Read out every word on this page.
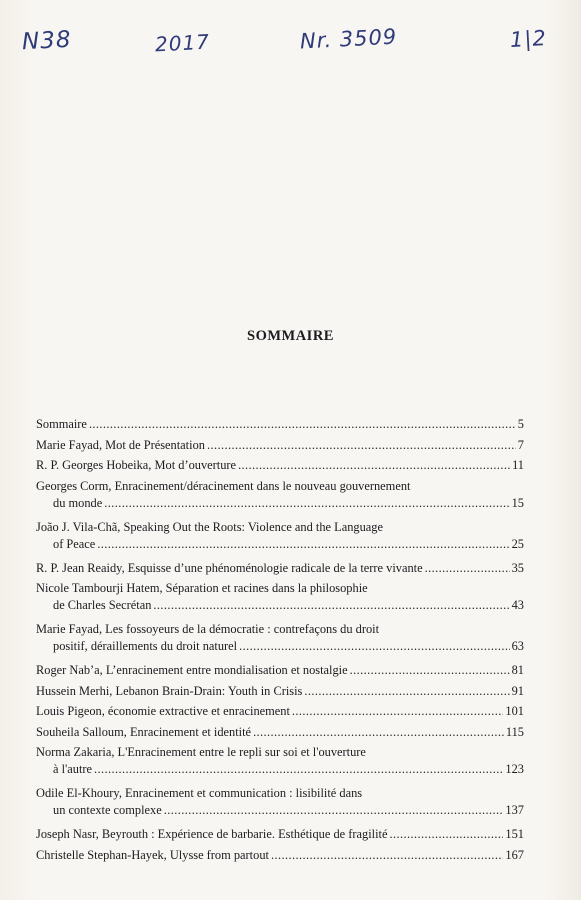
N38	2017	Nr. 3509	1|2
SOMMAIRE
Sommaire .....	5
Marie Fayad, Mot de Présentation .....	7
R. P. Georges Hobeika, Mot d’ouverture .....	11
Georges Corm, Enracinement/déracinement dans le nouveau gouvernement
du monde .....	15
João J. Vila-Chã, Speaking Out the Roots: Violence and the Language
of Peace .....	25
R. P. Jean Reaidy, Esquisse d’une phénoménologie radicale de la terre vivante .....	35
Nicole Tambourji Hatem, Séparation et racines dans la philosophie
de Charles Secrétan .....	43
Marie Fayad, Les fossoyeurs de la démocratie : contrefaçons du droit
positif, déraillements du droit naturel .....	63
Roger Nab’a, L’enracinement entre mondialisation et nostalgie .....	81
Hussein Merhi, Lebanon Brain-Drain: Youth in Crisis .....	91
Louis Pigeon, économie extractive et enracinement .....	101
Souheila Salloum, Enracinement et identité .....	115
Norma Zakaria, L'Enracinement entre le repli sur soi et l'ouverture
à l'autre .....	123
Odile El-Khoury, Enracinement et communication : lisibilité dans
un contexte complexe .....	137
Joseph Nasr, Beyrouth : Expérience de barbarie. Esthétique de fragilité .....	151
Christelle Stephan-Hayek, Ulysse from partout .....	167
